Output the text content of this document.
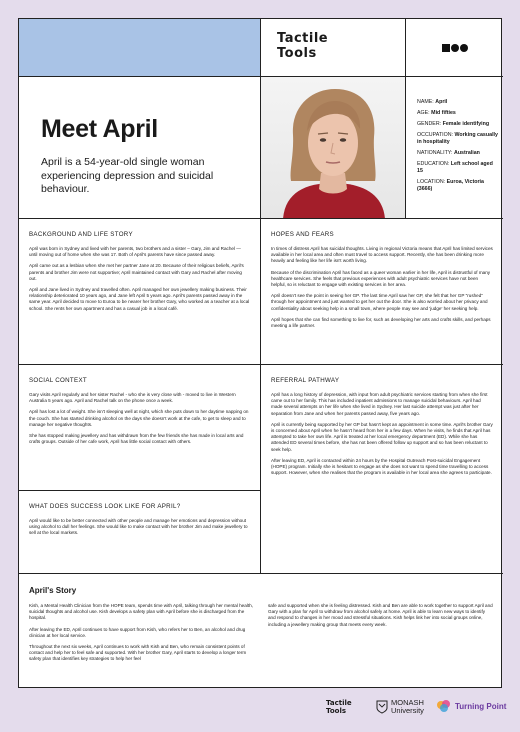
Tactile
Tools
Meet April

April is a 54-year-old single woman experiencing depression and suicidal behaviour.

NAME: April
AGE: Mid fifties
GENDER: Female identifying
OCCUPATION: Working casually in hospitality
NATIONALITY: Australian
EDUCATION: Left school aged 15
LOCATION: Euroa, Victoria (3666)
BACKGROUND AND LIFE STORY

April was born in Sydney and lived with her parents, two brothers and a sister – Gary, Jim and Rachel — until moving out of home when she was 17. Both of April's parents have since passed away.

April came out as a lesbian when she met her partner Jane at 20. Because of their religious beliefs, April's parents and brother Jim were not supportive; April maintained contact with Gary and Rachel after moving out.

April and Jane lived in Sydney and travelled often. April managed her own jewellery making business. Their relationship deteriorated 10 years ago, and Jane left April 5 years ago. April's parents passed away in the same year. April decided to move to Euroa to be nearer her brother Gary, who worked as a teacher at a local school. She rents her own apartment and has a casual job in a local café.

HOPES AND FEARS

In times of distress April has suicidal thoughts. Living in regional Victoria means that April has limited services available in her local area and often must travel to access support. Recently, she has been drinking more heavily and feeling like her life isn't worth living.

Because of the discrimination April has faced as a queer woman earlier in her life, April is distrustful of many healthcare services. She feels that previous experiences with adult psychiatric services have not been helpful, so is reluctant to engage with existing services in her area.

April doesn't see the point in seeing her GP. The last time April saw her GP, she felt that her GP "rushed" through her appointment and just wanted to get her out the door. She is also worried about her privacy and confidentiality about seeking help in a small town, where people may see and 'judge' her seeking help.

April hopes that she can find something to live for, such as developing her arts and crafts skills, and perhaps meeting a life partner.

SOCIAL CONTEXT

Gary visits April regularly and her sister Rachel - who she is very close with - moved to live in Western Australia 5 years ago. April and Rachel talk on the phone once a week.

April has lost a lot of weight. She isn't sleeping well at night, which she puts down to her daytime napping on the couch. She has started drinking alcohol on the days she doesn't work at the cafe, to get to sleep and to manage her negative thoughts.

She has stopped making jewellery and has withdrawn from the few friends she has made in local arts and crafts groups. Outside of her cafe work, April has little social contact with others.

WHAT DOES SUCCESS LOOK LIKE FOR APRIL?

April would like to be better connected with other people and manage her emotions and depression without using alcohol to dull her feelings. She would like to make contact with her brother Jim and make jewellery to sell at the local markets.

REFERRAL PATHWAY

April has a long history of depression, with input from adult psychiatric services starting from when she first came out to her family. This has included inpatient admissions to manage suicidal behaviours. April had made several attempts on her life when she lived in Sydney. Her last suicide attempt was just after her separation from Jane and when her parents passed away, five years ago.

April is currently being supported by her GP but hasn't kept an appointment in some time. April's brother Gary is concerned about April when he hasn't heard from her in a few days. When he visits, he finds that April has attempted to take her own life. April is treated at her local emergency department (ED). While she has attended ED several times before, she has not been offered follow up support and so has been reluctant to seek help.

After leaving ED, April is contacted within 24 hours by the Hospital Outreach Post-suicidal Engagement (HOPE) program. Initially she is hesitant to engage as she does not want to spend time travelling to access support. However, when she realises that the program is available in her local area she agrees to participate.

April's Story

Kish, a Mental Health Clinician from the HOPE team, spends time with April, talking through her mental health, suicidal thoughts and alcohol use. Kish develops a safety plan with April before she is discharged from the hospital.

After leaving the ED, April continues to have support from Kish, who refers her to Ben, an alcohol and drug clinician at her local service.

Throughout the next six weeks, April continues to work with Kish and Ben, who remain consistent points of contact and help her to feel safe and supported. With her brother Gary, April starts to develop a longer term safety plan that identifies key strategies to help her feel

safe and supported when she is feeling distressed. Kish and Ben are able to work together to support April and Gary with a plan for April to withdraw from alcohol safely at home. April is able to learn new ways to identify and respond to changes in her mood and stressful situations. Kish helps link her into social groups online, including a jewellery making group that meets every week.

Tactile
Tools
MONASH
University	Turning Point
